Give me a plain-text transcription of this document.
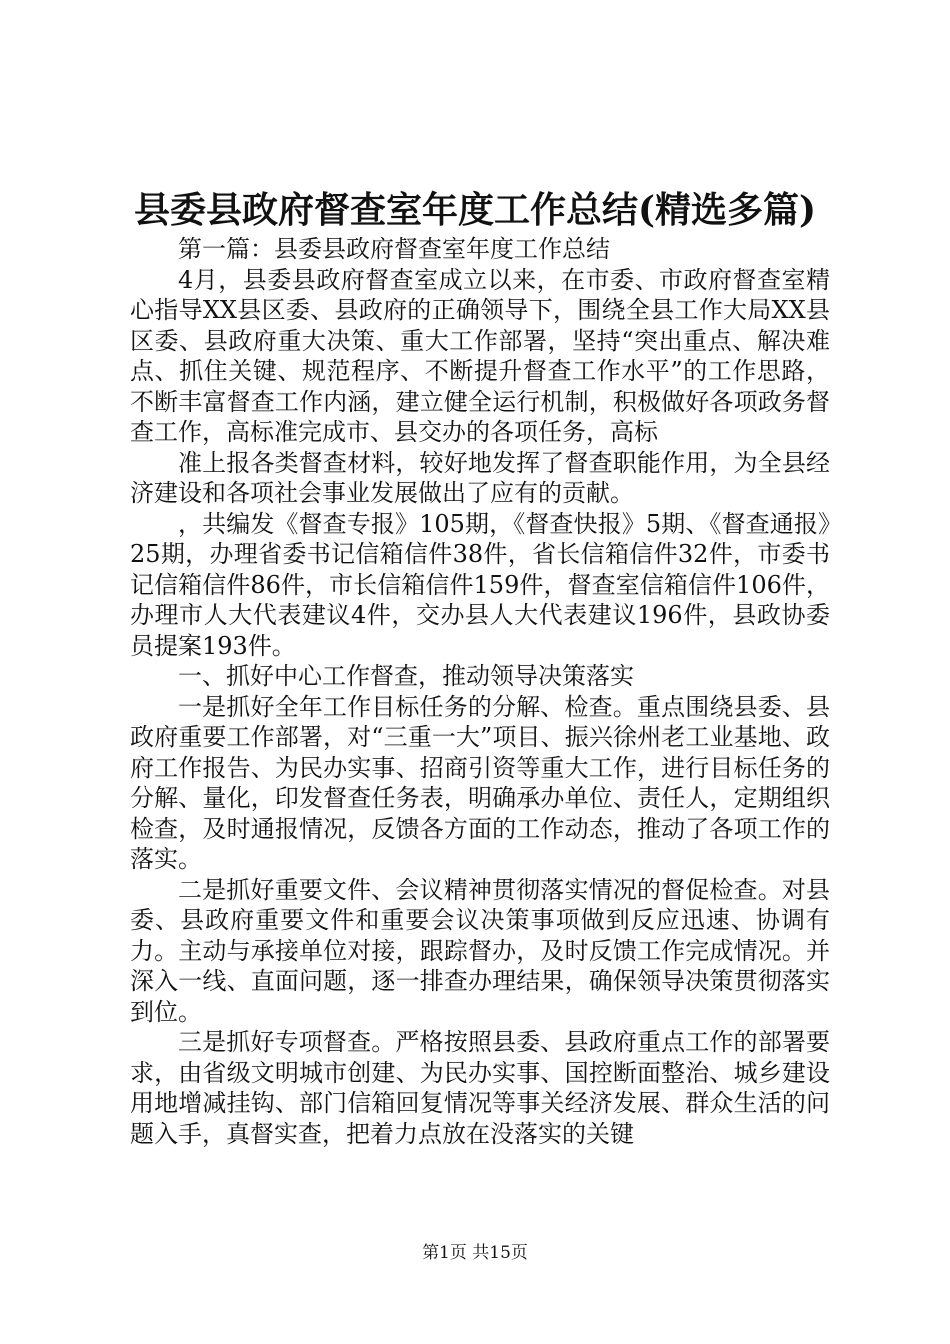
县委县政府督查室年度工作总结(精选多篇)

第一篇：县委县政府督查室年度工作总结

4月，县委县政府督查室成立以来，在市委、市政府督查室精心指导XX县区委、县政府的正确领导下，围绕全县工作大局XX县区委、县政府重大决策、重大工作部署，坚持“突出重点、解决难点、抓住关键、规范程序、不断提升督查工作水平”的工作思路，不断丰富督查工作内涵，建立健全运行机制，积极做好各项政务督查工作，高标准完成市、县交办的各项任务，高标

准上报各类督查材料，较好地发挥了督查职能作用，为全县经济建设和各项社会事业发展做出了应有的贡献。

，共编发《督查专报》105期，《督查快报》5期、《督查通报》25期，办理省委书记信箱信件38件，省长信箱信件32件，市委书记信箱信件86件，市长信箱信件159件，督查室信箱信件106件，办理市人大代表建议4件，交办县人大代表建议196件，县政协委员提案193件。

一、抓好中心工作督查，推动领导决策落实

一是抓好全年工作目标任务的分解、检查。重点围绕县委、县政府重要工作部署，对“三重一大”项目、振兴徐州老工业基地、政府工作报告、为民办实事、招商引资等重大工作，进行目标任务的分解、量化，印发督查任务表，明确承办单位、责任人，定期组织检查，及时通报情况，反馈各方面的工作动态，推动了各项工作的落实。

二是抓好重要文件、会议精神贯彻落实情况的督促检查。对县委、县政府重要文件和重要会议决策事项做到反应迅速、协调有力。主动与承接单位对接，跟踪督办，及时反馈工作完成情况。并深入一线、直面问题，逐一排查办理结果，确保领导决策贯彻落实到位。

三是抓好专项督查。严格按照县委、县政府重点工作的部署要求，由省级文明城市创建、为民办实事、国控断面整治、城乡建设用地增减挂钩、部门信箱回复情况等事关经济发展、群众生活的问题入手，真督实查，把着力点放在没落实的关键

第1页 共15页
